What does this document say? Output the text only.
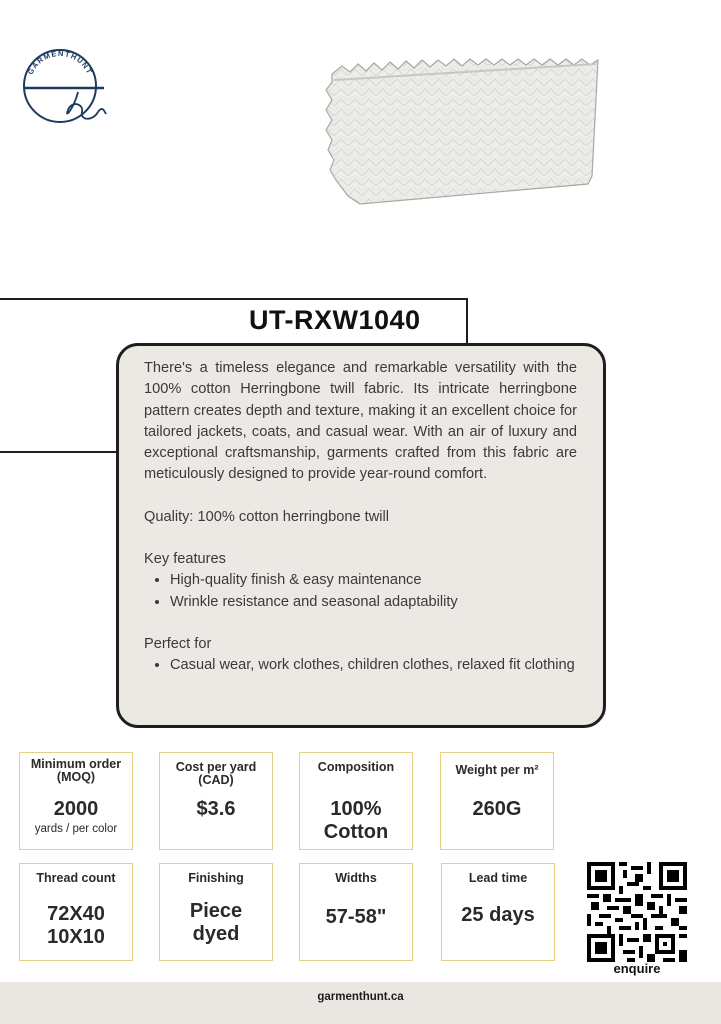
GARMENTHUNT
UT-RXW1040

There's a timeless elegance and remarkable versatility with the 100% cotton Herringbone twill fabric. Its intricate herringbone pattern creates depth and texture, making it an excellent choice for tailored jackets, coats, and casual wear. With an air of luxury and exceptional craftsmanship, garments crafted from this fabric are meticulously designed to provide year-round comfort.

Quality: 100% cotton herringbone twill

Key features

• High-quality finish & easy maintenance
• Wrinkle resistance and seasonal adaptability

Perfect for

• Casual wear, work clothes, children clothes, relaxed fit clothing
Minimum order (MOQ)
2000
yards / per color
Cost per yard (CAD)
$3.6
Composition
100% Cotton
Weight per m²
260G
Thread count
72X40 10X10
Finishing
Piece dyed
Widths
57-58"
Lead time
25 days
enquire
garmenthunt.ca
